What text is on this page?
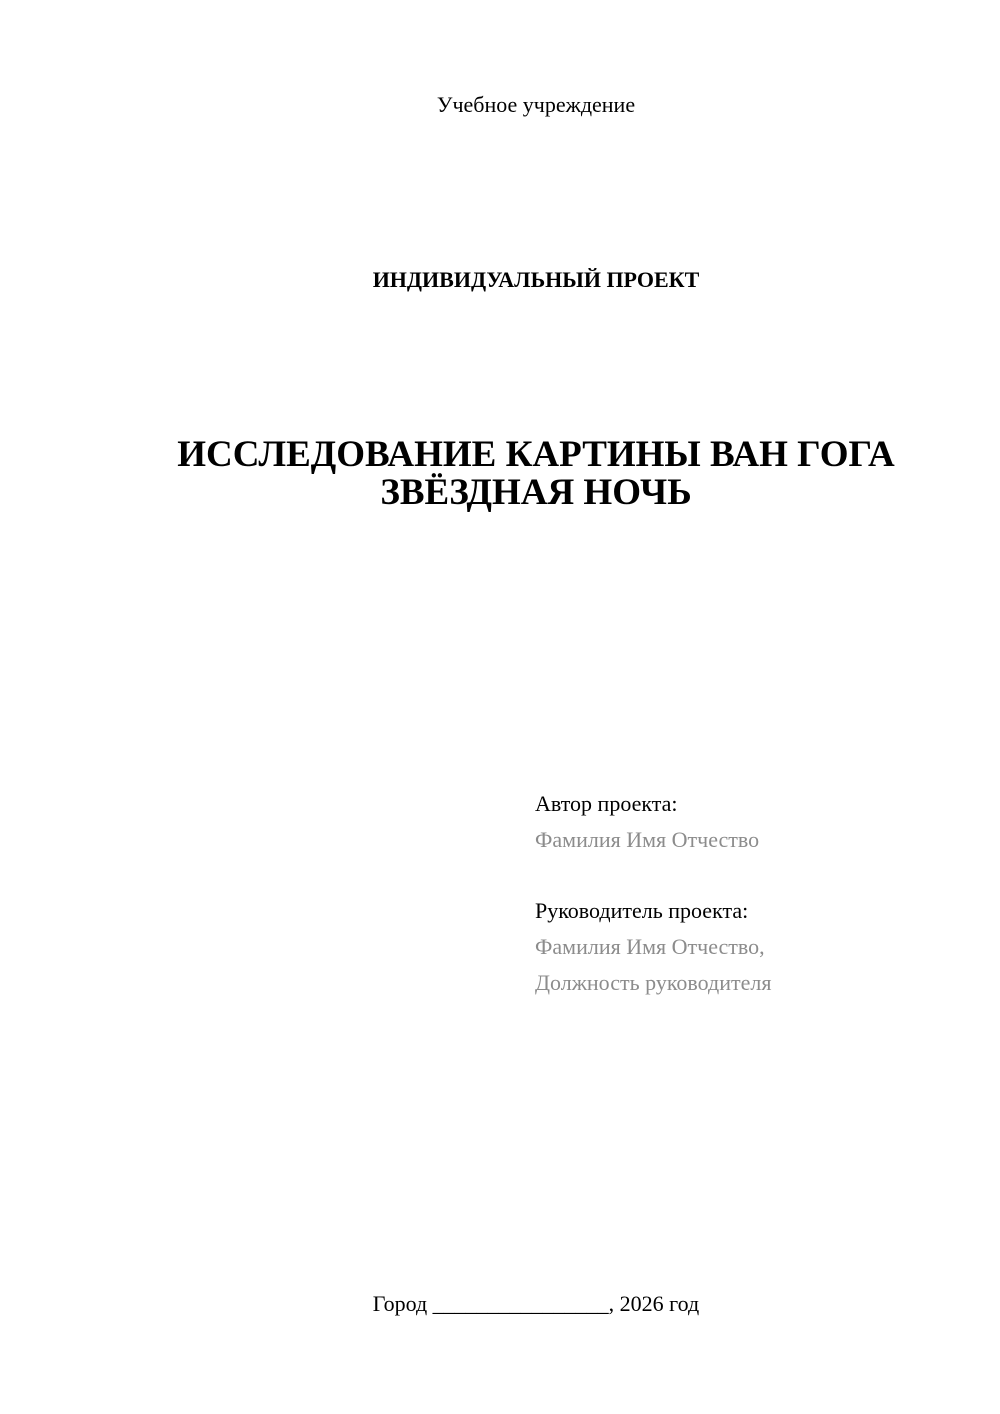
Учебное учреждение
ИНДИВИДУАЛЬНЫЙ ПРОЕКТ
ИССЛЕДОВАНИЕ КАРТИНЫ ВАН ГОГА
ЗВЁЗДНАЯ НОЧЬ
Автор проекта:
Фамилия Имя Отчество
Руководитель проекта:
Фамилия Имя Отчество,
Должность руководителя
Город ________________, 2026 год
